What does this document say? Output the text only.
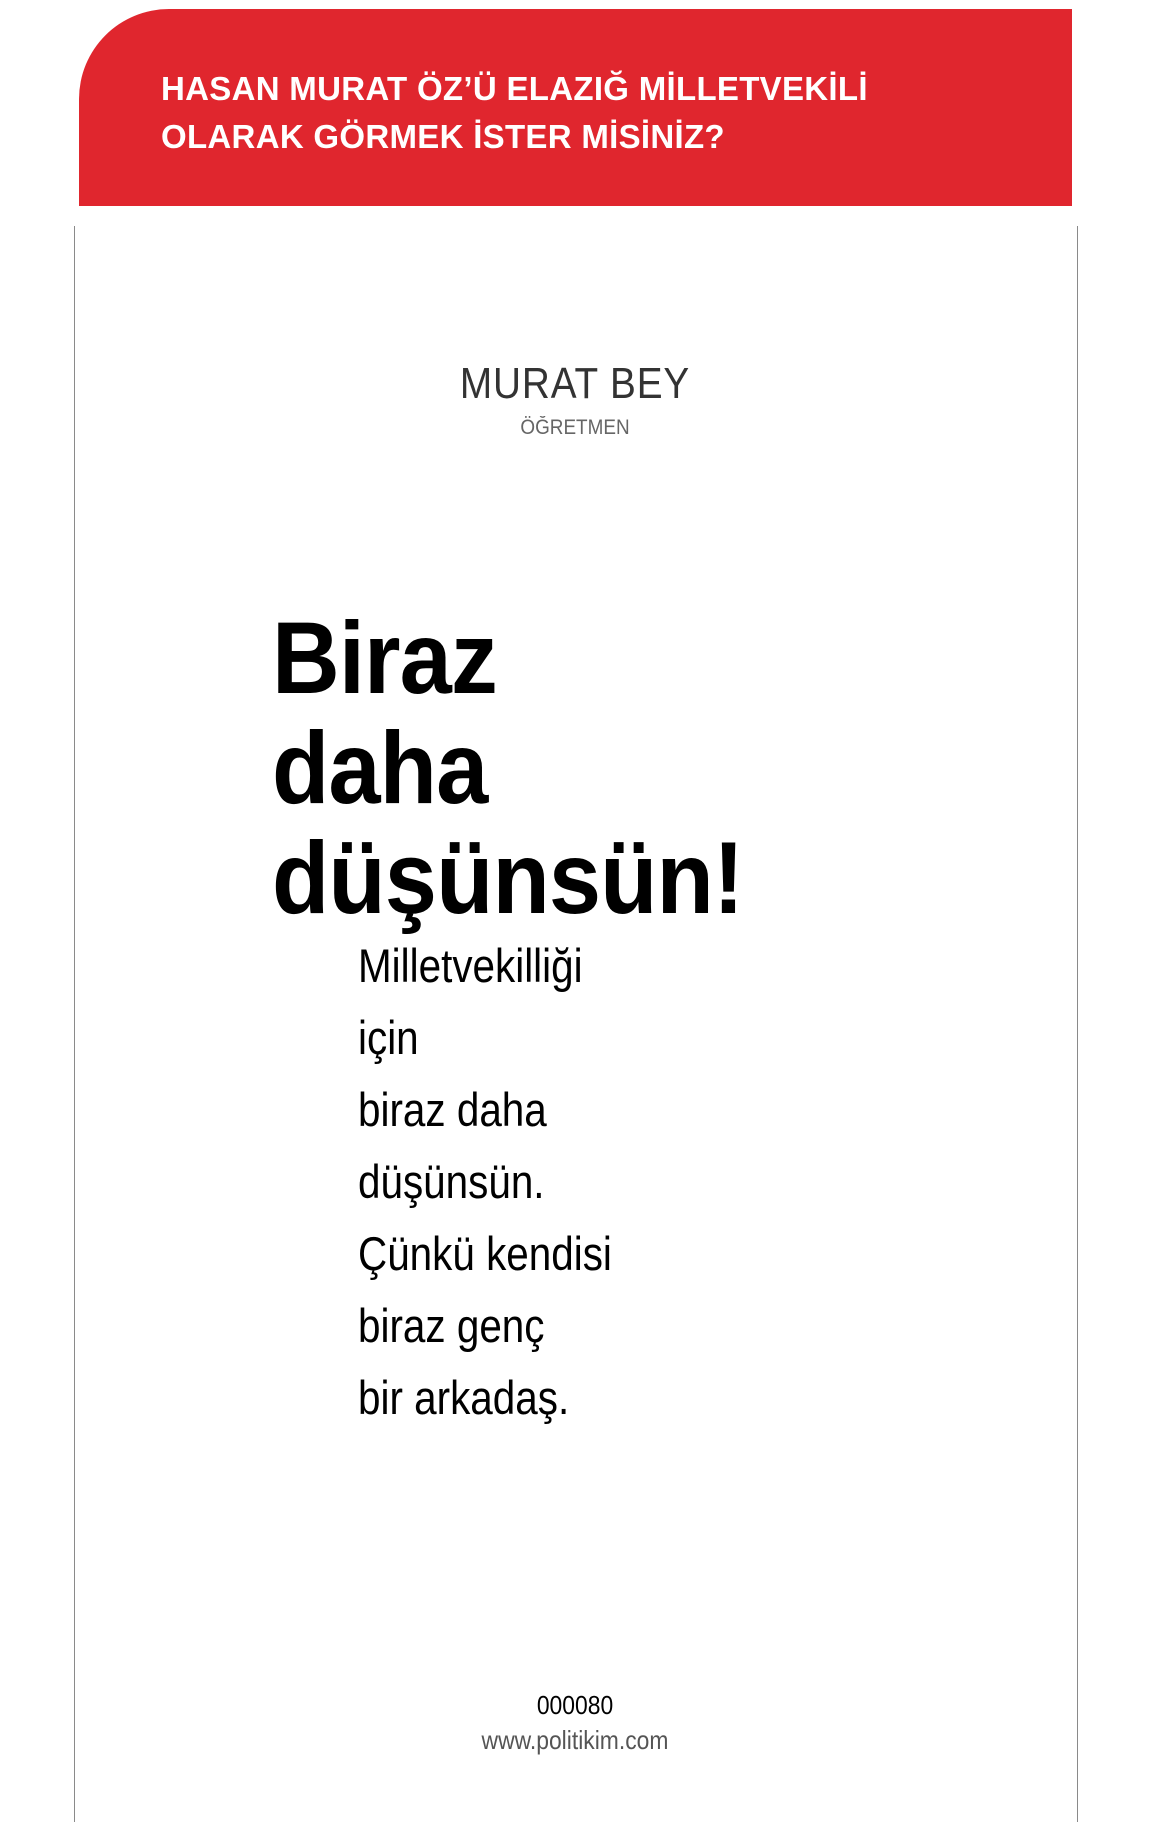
HASAN MURAT ÖZ’Ü ELAZIĞ MİLLETVEKİLİ
OLARAK GÖRMEK İSTER MİSİNİZ?
MURAT BEY
ÖĞRETMEN
Biraz
daha
düşünsün!
Milletvekilliği
için
biraz daha
düşünsün.
Çünkü kendisi
biraz genç
bir arkadaş.
000080
www.politikim.com
